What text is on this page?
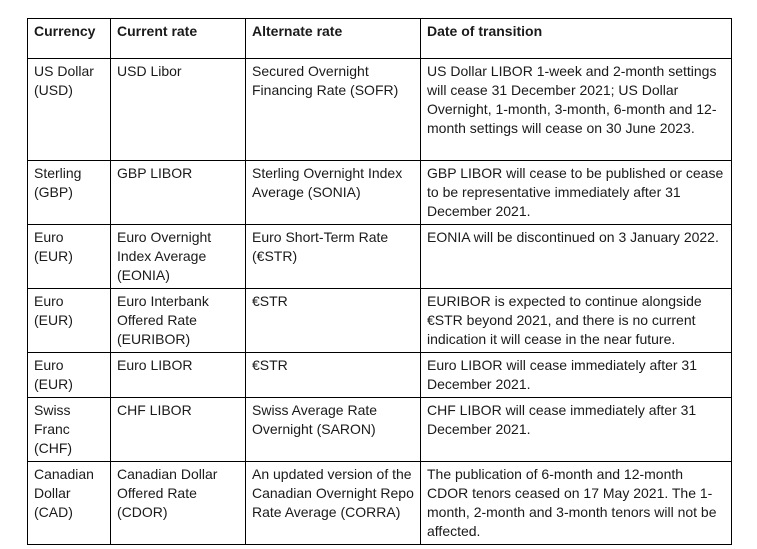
Currency	Current rate	Alternate rate	Date of transition
US Dollar (USD)	USD Libor	Secured Overnight Financing Rate (SOFR)	US Dollar LIBOR 1-week and 2-month settings will cease 31 December 2021; US Dollar Overnight, 1-month, 3-month, 6-month and 12-month settings will cease on 30 June 2023.
Sterling (GBP)	GBP LIBOR	Sterling Overnight Index Average (SONIA)	GBP LIBOR will cease to be published or cease to be representative immediately after 31 December 2021.
Euro (EUR)	Euro Overnight Index Average (EONIA)	Euro Short-Term Rate (€STR)	EONIA will be discontinued on 3 January 2022.
Euro (EUR)	Euro Interbank Offered Rate (EURIBOR)	€STR	EURIBOR is expected to continue alongside €STR beyond 2021, and there is no current indication it will cease in the near future.
Euro (EUR)	Euro LIBOR	€STR	Euro LIBOR will cease immediately after 31 December 2021.
Swiss Franc (CHF)	CHF LIBOR	Swiss Average Rate Overnight (SARON)	CHF LIBOR will cease immediately after 31 December 2021.
Canadian Dollar (CAD)	Canadian Dollar Offered Rate (CDOR)	An updated version of the Canadian Overnight Repo Rate Average (CORRA)	The publication of 6-month and 12-month CDOR tenors ceased on 17 May 2021. The 1-month, 2-month and 3-month tenors will not be affected.
